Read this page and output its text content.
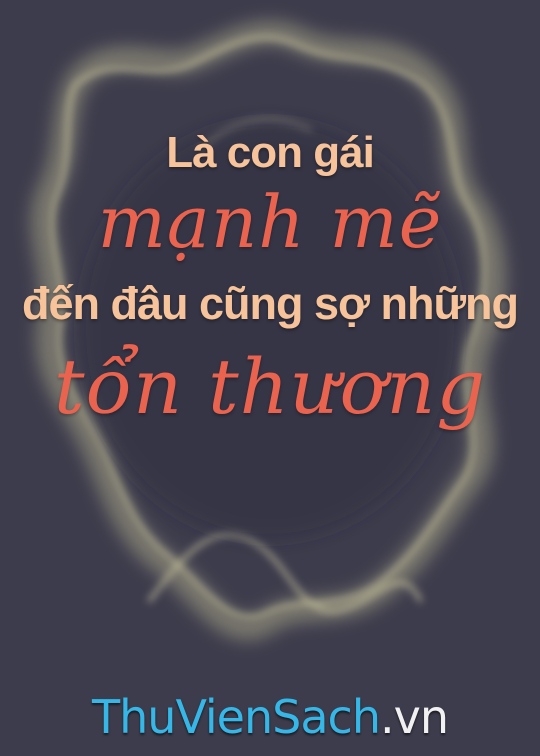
Là con gái
mạnh mẽ
đến đâu cũng sợ những
tổn thương
ThuVienSach.vn
